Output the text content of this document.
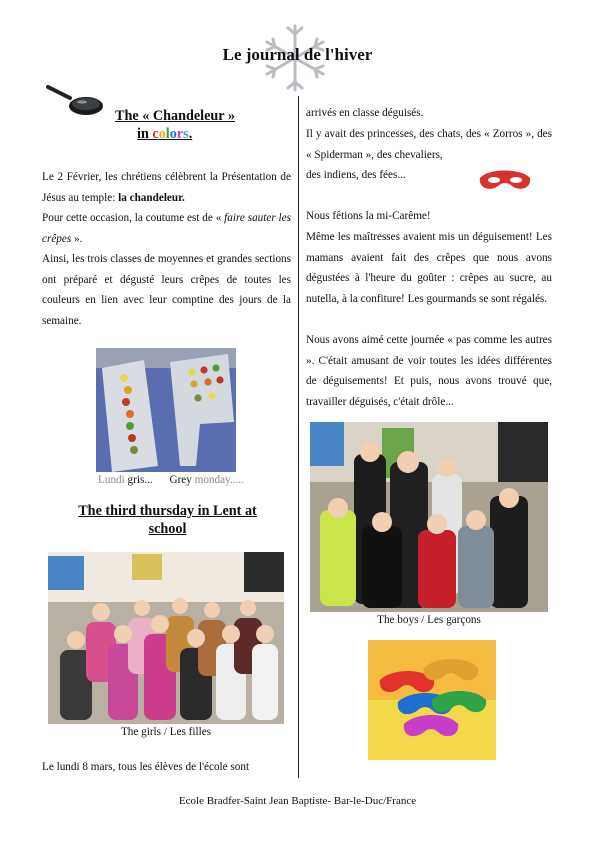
Le journal de l'hiver
The « Chandeleur »
in colors.
Le 2 Février, les chrétiens célèbrent la Présentation de Jésus au temple: la chandeleur.
Pour cette occasion, la coutume est de « faire sauter les crêpes ».
Ainsi, les trois classes de moyennes et grandes sections ont préparé et dégusté leurs crêpes de toutes les couleurs en lien avec leur comptine des jours de la semaine.
Lundi gris... Grey monday.....
The third thursday in Lent at school
The girls / Les filles
Le lundi 8 mars, tous les élèves de l'école sont
arrivés en classe déguisés.
Il y avait des princesses, des chats, des « Zorros », des « Spiderman », des chevaliers,
des indiens, des fées...
Nous fêtions la mi-Carême!
Même les maîtresses avaient mis un déguisement! Les mamans avaient fait des crêpes que nous avons dégustées à l'heure du goûter : crêpes au sucre, au nutella, à la confiture! Les gourmands se sont régalés.
Nous avons aimé cette journée « pas comme les autres ». C'était amusant de voir toutes les idées différentes de déguisements! Et puis, nous avons trouvé que, travailler déguisés, c'était drôle...
The boys / Les garçons
Ecole Bradfer-Saint Jean Baptiste- Bar-le-Duc/France
